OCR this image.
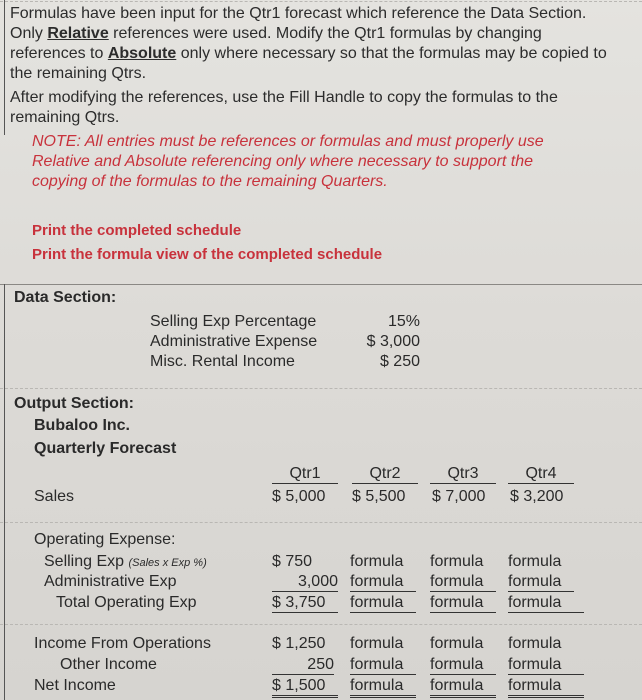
Formulas have been input for the Qtr1 forecast which reference the Data Section.
Only Relative references were used. Modify the Qtr1 formulas by changing
references to Absolute only where necessary so that the formulas may be copied to
the remaining Qtrs.
After modifying the references, use the Fill Handle to copy the formulas to the
remaining Qtrs.
NOTE: All entries must be references or formulas and must properly use
Relative and Absolute referencing only where necessary to support the
copying of the formulas to the remaining Quarters.
Print the completed schedule
Print the formula view of the completed schedule
Data Section:
Selling Exp Percentage	15%
Administrative Expense	$ 3,000
Misc. Rental Income	$ 250
Output Section:
Bubaloo Inc.
Quarterly Forecast
Qtr1	Qtr2	Qtr3	Qtr4
Sales	$ 5,000 $ 5,500 $ 7,000 $ 3,200
Operating Expense:
Selling Exp (Sales x Exp %)	$ 750 formula formula formula
Administrative Exp	3,000 formula	formula	formula
Total Operating Exp	$ 3,750	formula	formula	formula
Income From Operations	$ 1,250 formula formula formula
Other Income	250 formula	formula	formula
Net Income	$ 1,500	formula	formula	formula
